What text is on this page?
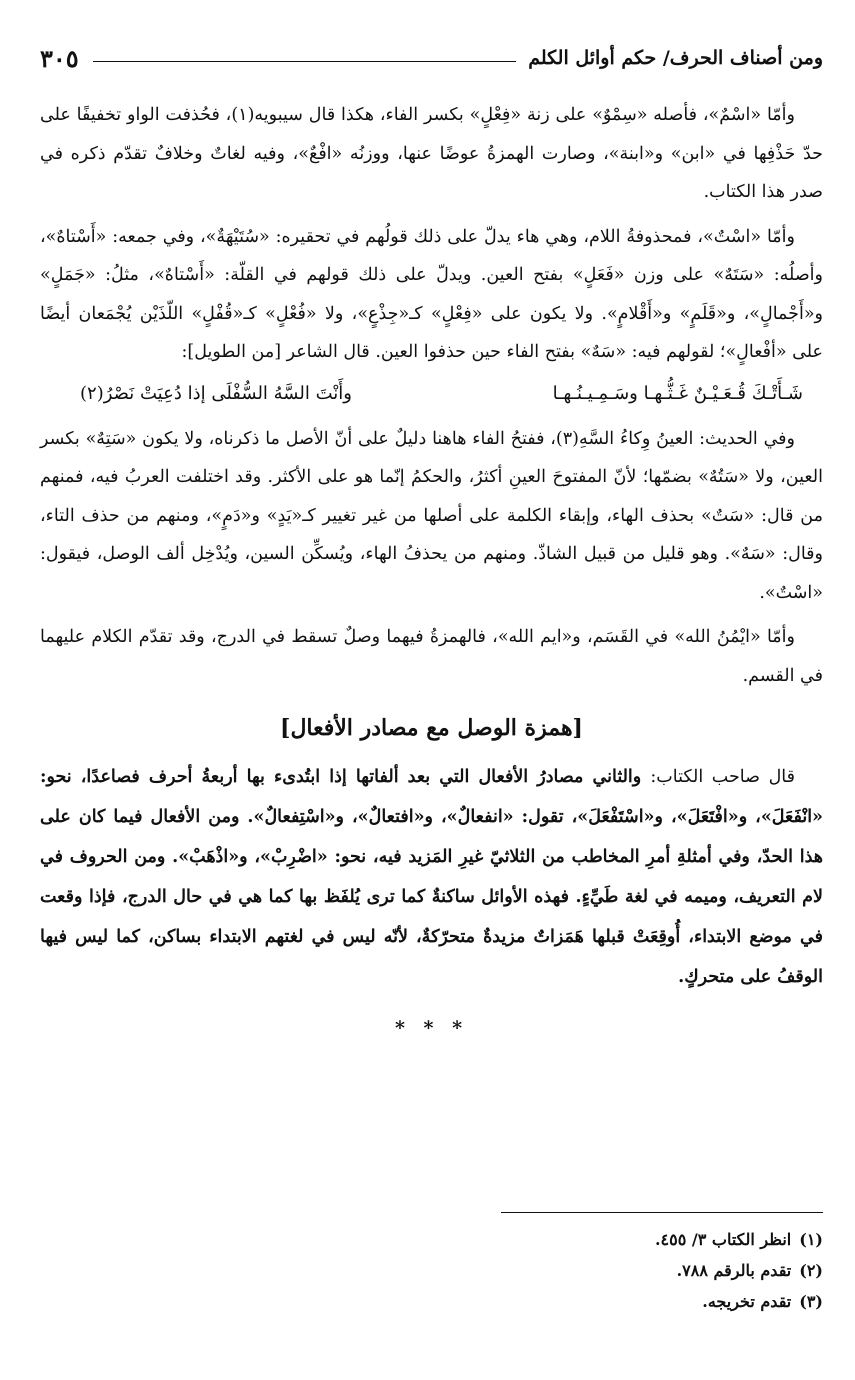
ومن أصناف الحرف/ حكم أوائل الكلم
٣٠٥

وأمّا «اسْمٌ»، فأصله «سِمْوٌ» على زنة «فِعْلٍ» بكسر الفاء، هكذا قال سيبويه(١)، فحُذفت الواو تخفيفًا على حدّ حَذْفِها في «ابن» و«ابنة»، وصارت الهمزةُ عوضًا عنها، ووزنُه «افْعٌ»، وفيه لغاتٌ وخلافٌ تقدّم ذكره في صدر هذا الكتاب.

وأمّا «اسْتٌ»، فمحذوفةُ اللام، وهي هاء يدلّ على ذلك قولُهم في تحقيره: «سُتَيْهَةٌ»، وفي جمعه: «أَسْتاهٌ»، وأصلُه: «سَتَهٌ» على وزن «فَعَلٍ» بفتح العين. ويدلّ على ذلك قولهم في القلّة: «أَسْتاهٌ»، مثلُ: «جَمَلٍ» و«أَجْمالٍ»، و«قَلَمٍ» و«أَقْلامٍ». ولا يكون على «فِعْلٍ» كـ«جِذْعٍ»، ولا «فُعْلٍ» كـ«قُفْلٍ» اللّذَيْن يُجْمَعان أيضًا على «أفْعالٍ»؛ لقولهم فيه: «سَهٌ» بفتح الفاء حين حذفوا العين. قال الشاعر [من الطويل]:

شَـأَتْـكَ قُـعَـيْـنٌ غَـثُّـهـا وسَـمِـيـنُـهـا
وأَنْتَ السَّهُ السُّفْلَى إذا دُعِيَتْ نَصْرُ(٢)

وفي الحديث: العينُ وِكاءُ السَّهِ(٣)، ففتحُ الفاء هاهنا دليلٌ على أنّ الأصل ما ذكرناه، ولا يكون «سَتِهٌ» بكسر العين، ولا «سَتُهٌ» بضمّها؛ لأنّ المفتوحَ العينِ أكثرُ، والحكمُ إنّما هو على الأكثر. وقد اختلفت العربُ فيه، فمنهم من قال: «سَتٌ» بحذف الهاء، وإبقاء الكلمة على أصلها من غير تغيير كـ«يَدٍ» و«دَمٍ»، ومنهم من حذف التاء، وقال: «سَهٌ». وهو قليل من قبيل الشاذّ. ومنهم من يحذفُ الهاء، ويُسكِّن السين، ويُدْخِل ألف الوصل، فيقول: «اسْتٌ».

وأمّا «ايْمُنُ الله» في القَسَم، و«ايم الله»، فالهمزةُ فيهما وصلٌ تسقط في الدرج، وقد تقدّم الكلام عليهما في القسم.

[همزة الوصل مع مصادر الأفعال]

قال صاحب الكتاب: والثاني مصادرُ الأفعال التي بعد ألفاتها إذا ابتُدىء بها أربعةُ أحرف فصاعدًا، نحو: «انْفَعَلَ»، و«افْتَعَلَ»، و«اسْتَفْعَلَ»، تقول: «انفعالٌ»، و«افتعالٌ»، و«اسْتِفعالٌ». ومن الأفعال فيما كان على هذا الحدّ، وفي أمثلةِ أمرِ المخاطب من الثلاثيّ غيرِ المَزيد فيه، نحو: «اضْرِبْ»، و«اذْهَبْ». ومن الحروف في لام التعريف، وميمه في لغة طَيِّءٍ. فهذه الأوائل ساكنةٌ كما ترى يُلفَظ بها كما هي في حال الدرج، فإذا وقعت في موضع الابتداء، أُوقِعَتْ قبلها هَمَزاتٌ مزيدةٌ متحرّكةٌ، لأنّه ليس في لغتهم الابتداء بساكن، كما ليس فيها الوقفُ على متحركٍ.

* * *
(١)
انظر الكتاب ٣/ ٤٥٥.
(٢)
تقدم بالرقم ٧٨٨.
(٣)
تقدم تخريجه.
